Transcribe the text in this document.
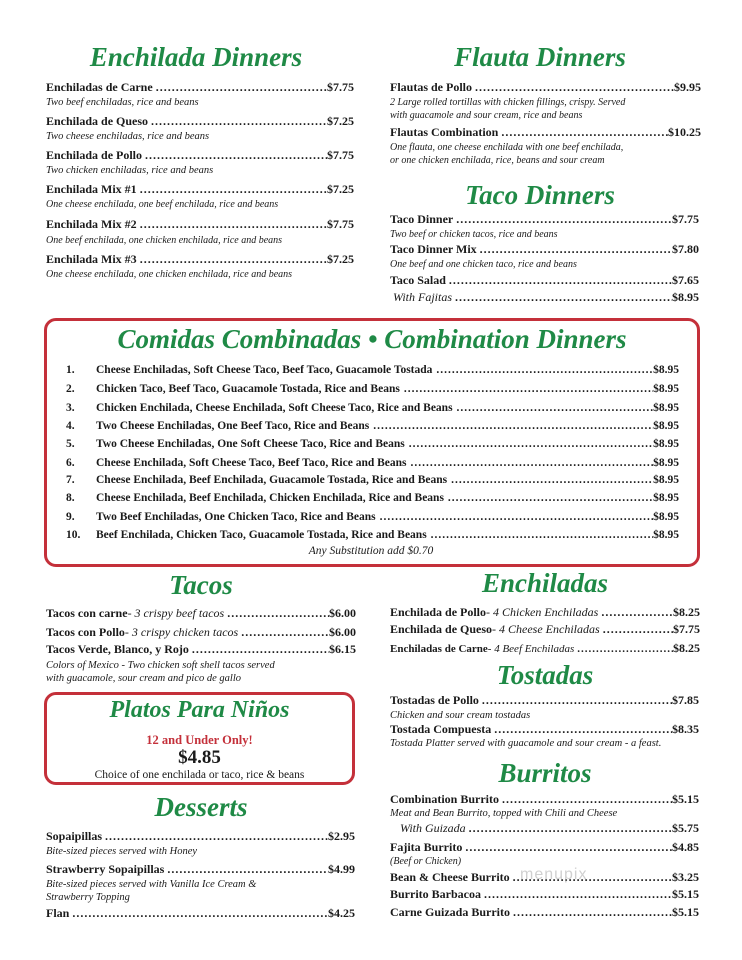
Enchilada Dinners
Enchiladas de Carne .....	$7.75
Two beef enchiladas, rice and beans
Enchilada de Queso .....	$7.25
Two cheese enchiladas, rice and beans
Enchilada de Pollo .....	$7.75
Two chicken enchiladas, rice and beans
Enchilada Mix #1 .....	$7.25
One cheese enchilada, one beef enchilada, rice and beans
Enchilada Mix #2 .....	$7.75
One beef enchilada, one chicken enchilada, rice and beans
Enchilada Mix #3 .....	$7.25
One cheese enchilada, one chicken enchilada, rice and beans
Flauta Dinners
Flautas de Pollo .....	$9.95
2 Large rolled tortillas with chicken fillings, crispy. Served
with guacamole and sour cream, rice and beans
Flautas Combination .....	$10.25
One flauta, one cheese enchilada with one beef enchilada,
or one chicken enchilada, rice, beans and sour cream
Taco Dinners
Taco Dinner .....	$7.75
Two beef or chicken tacos, rice and beans
Taco Dinner Mix .....	$7.80
One beef and one chicken taco, rice and beans
Taco Salad .....	$7.65
With Fajitas .....	$8.95
Comidas Combinadas • Combination Dinners
1.	Cheese Enchiladas, Soft Cheese Taco, Beef Taco, Guacamole Tostada .....	$8.95
2.	Chicken Taco, Beef Taco, Guacamole Tostada, Rice and Beans .....	$8.95
3.	Chicken Enchilada, Cheese Enchilada, Soft Cheese Taco, Rice and Beans .....	$8.95
4.	Two Cheese Enchiladas, One Beef Taco, Rice and Beans .....	$8.95
5.	Two Cheese Enchiladas, One Soft Cheese Taco, Rice and Beans .....	$8.95
6.	Cheese Enchilada, Soft Cheese Taco, Beef Taco, Rice and Beans .....	$8.95
7.	Cheese Enchilada, Beef Enchilada, Guacamole Tostada, Rice and Beans .....	$8.95
8.	Cheese Enchilada, Beef Enchilada, Chicken Enchilada, Rice and Beans .....	$8.95
9.	Two Beef Enchiladas, One Chicken Taco, Rice and Beans .....	$8.95
10.	Beef Enchilada, Chicken Taco, Guacamole Tostada, Rice and Beans .....	$8.95
Any Substitution add $0.70
Tacos
Tacos con carne - 3 crispy beef tacos .....	$6.00
Tacos con Pollo - 3 crispy chicken tacos .....	$6.00
Tacos Verde, Blanco, y Rojo .....	$6.15
Colors of Mexico - Two chicken soft shell tacos served
with guacamole, sour cream and pico de gallo
Platos Para Niños
12 and Under Only!
$4.85
Choice of one enchilada or taco, rice & beans
Desserts
Sopaipillas .....	$2.95
Bite-sized pieces served with Honey
Strawberry Sopaipillas .....	$4.99
Bite-sized pieces served with Vanilla Ice Cream &
Strawberry Topping
Flan .....	$4.25
Enchiladas
Enchilada de Pollo - 4 Chicken Enchiladas .....	$8.25
Enchilada de Queso - 4 Cheese Enchiladas .....	$7.75
Enchiladas de Carne - 4 Beef Enchiladas .....	$8.25
Tostadas
Tostadas de Pollo .....	$7.85
Chicken and sour cream tostadas
Tostada Compuesta .....	$8.35
Tostada Platter served with guacamole and sour cream - a feast.
Burritos
Combination Burrito .....	$5.15
Meat and Bean Burrito, topped with Chili and Cheese
With Guizada .....	$5.75
Fajita Burrito .....	$4.85
(Beef or Chicken)
Bean & Cheese Burrito .....	$3.25
Burrito Barbacoa .....	$5.15
Carne Guizada Burrito .....	$5.15
menupix
